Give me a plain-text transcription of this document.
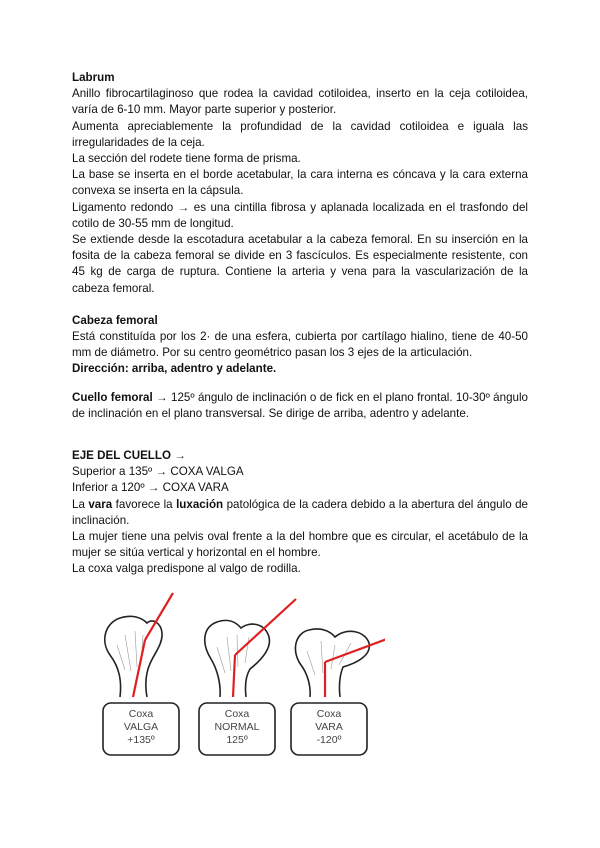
Labrum

Anillo fibrocartilaginoso que rodea la cavidad cotiloidea, inserto en la ceja cotiloidea, varía de 6-10 mm. Mayor parte superior y posterior.

Aumenta apreciablemente la profundidad de la cavidad cotiloidea e iguala las irregularidades de la ceja.

La sección del rodete tiene forma de prisma.

La base se inserta en el borde acetabular, la cara interna es cóncava y la cara externa convexa se inserta en la cápsula.

Ligamento redondo → es una cintilla fibrosa y aplanada localizada en el trasfondo del cotilo de 30-55 mm de longitud.

Se extiende desde la escotadura acetabular a la cabeza femoral. En su inserción en la fosita de la cabeza femoral se divide en 3 fascículos. Es especialmente resistente, con 45 kg de carga de ruptura. Contiene la arteria y vena para la vascularización de la cabeza femoral.

Cabeza femoral

Está constituída por los 2· de una esfera, cubierta por cartílago hialino, tiene de 40-50 mm de diámetro. Por su centro geométrico pasan los 3 ejes de la articulación.

Dirección: arriba, adentro y adelante.

Cuello femoral → 125º ángulo de inclinación o de fick en el plano frontal. 10-30º ángulo de inclinación en el plano transversal. Se dirige de arriba, adentro y adelante.

EJE DEL CUELLO →

Superior a 135º → COXA VALGA

Inferior a 120º → COXA VARA

La vara favorece la luxación patológica de la cadera debido a la abertura del ángulo de inclinación.

La mujer tiene una pelvis oval frente a la del hombre que es circular, el acetábulo de la mujer se sitúa vertical y horizontal en el hombre.

La coxa valga predispone al valgo de rodilla.

Coxa
VALGA
+135º
Coxa
NORMAL
125º
Coxa
VARA
-120º
